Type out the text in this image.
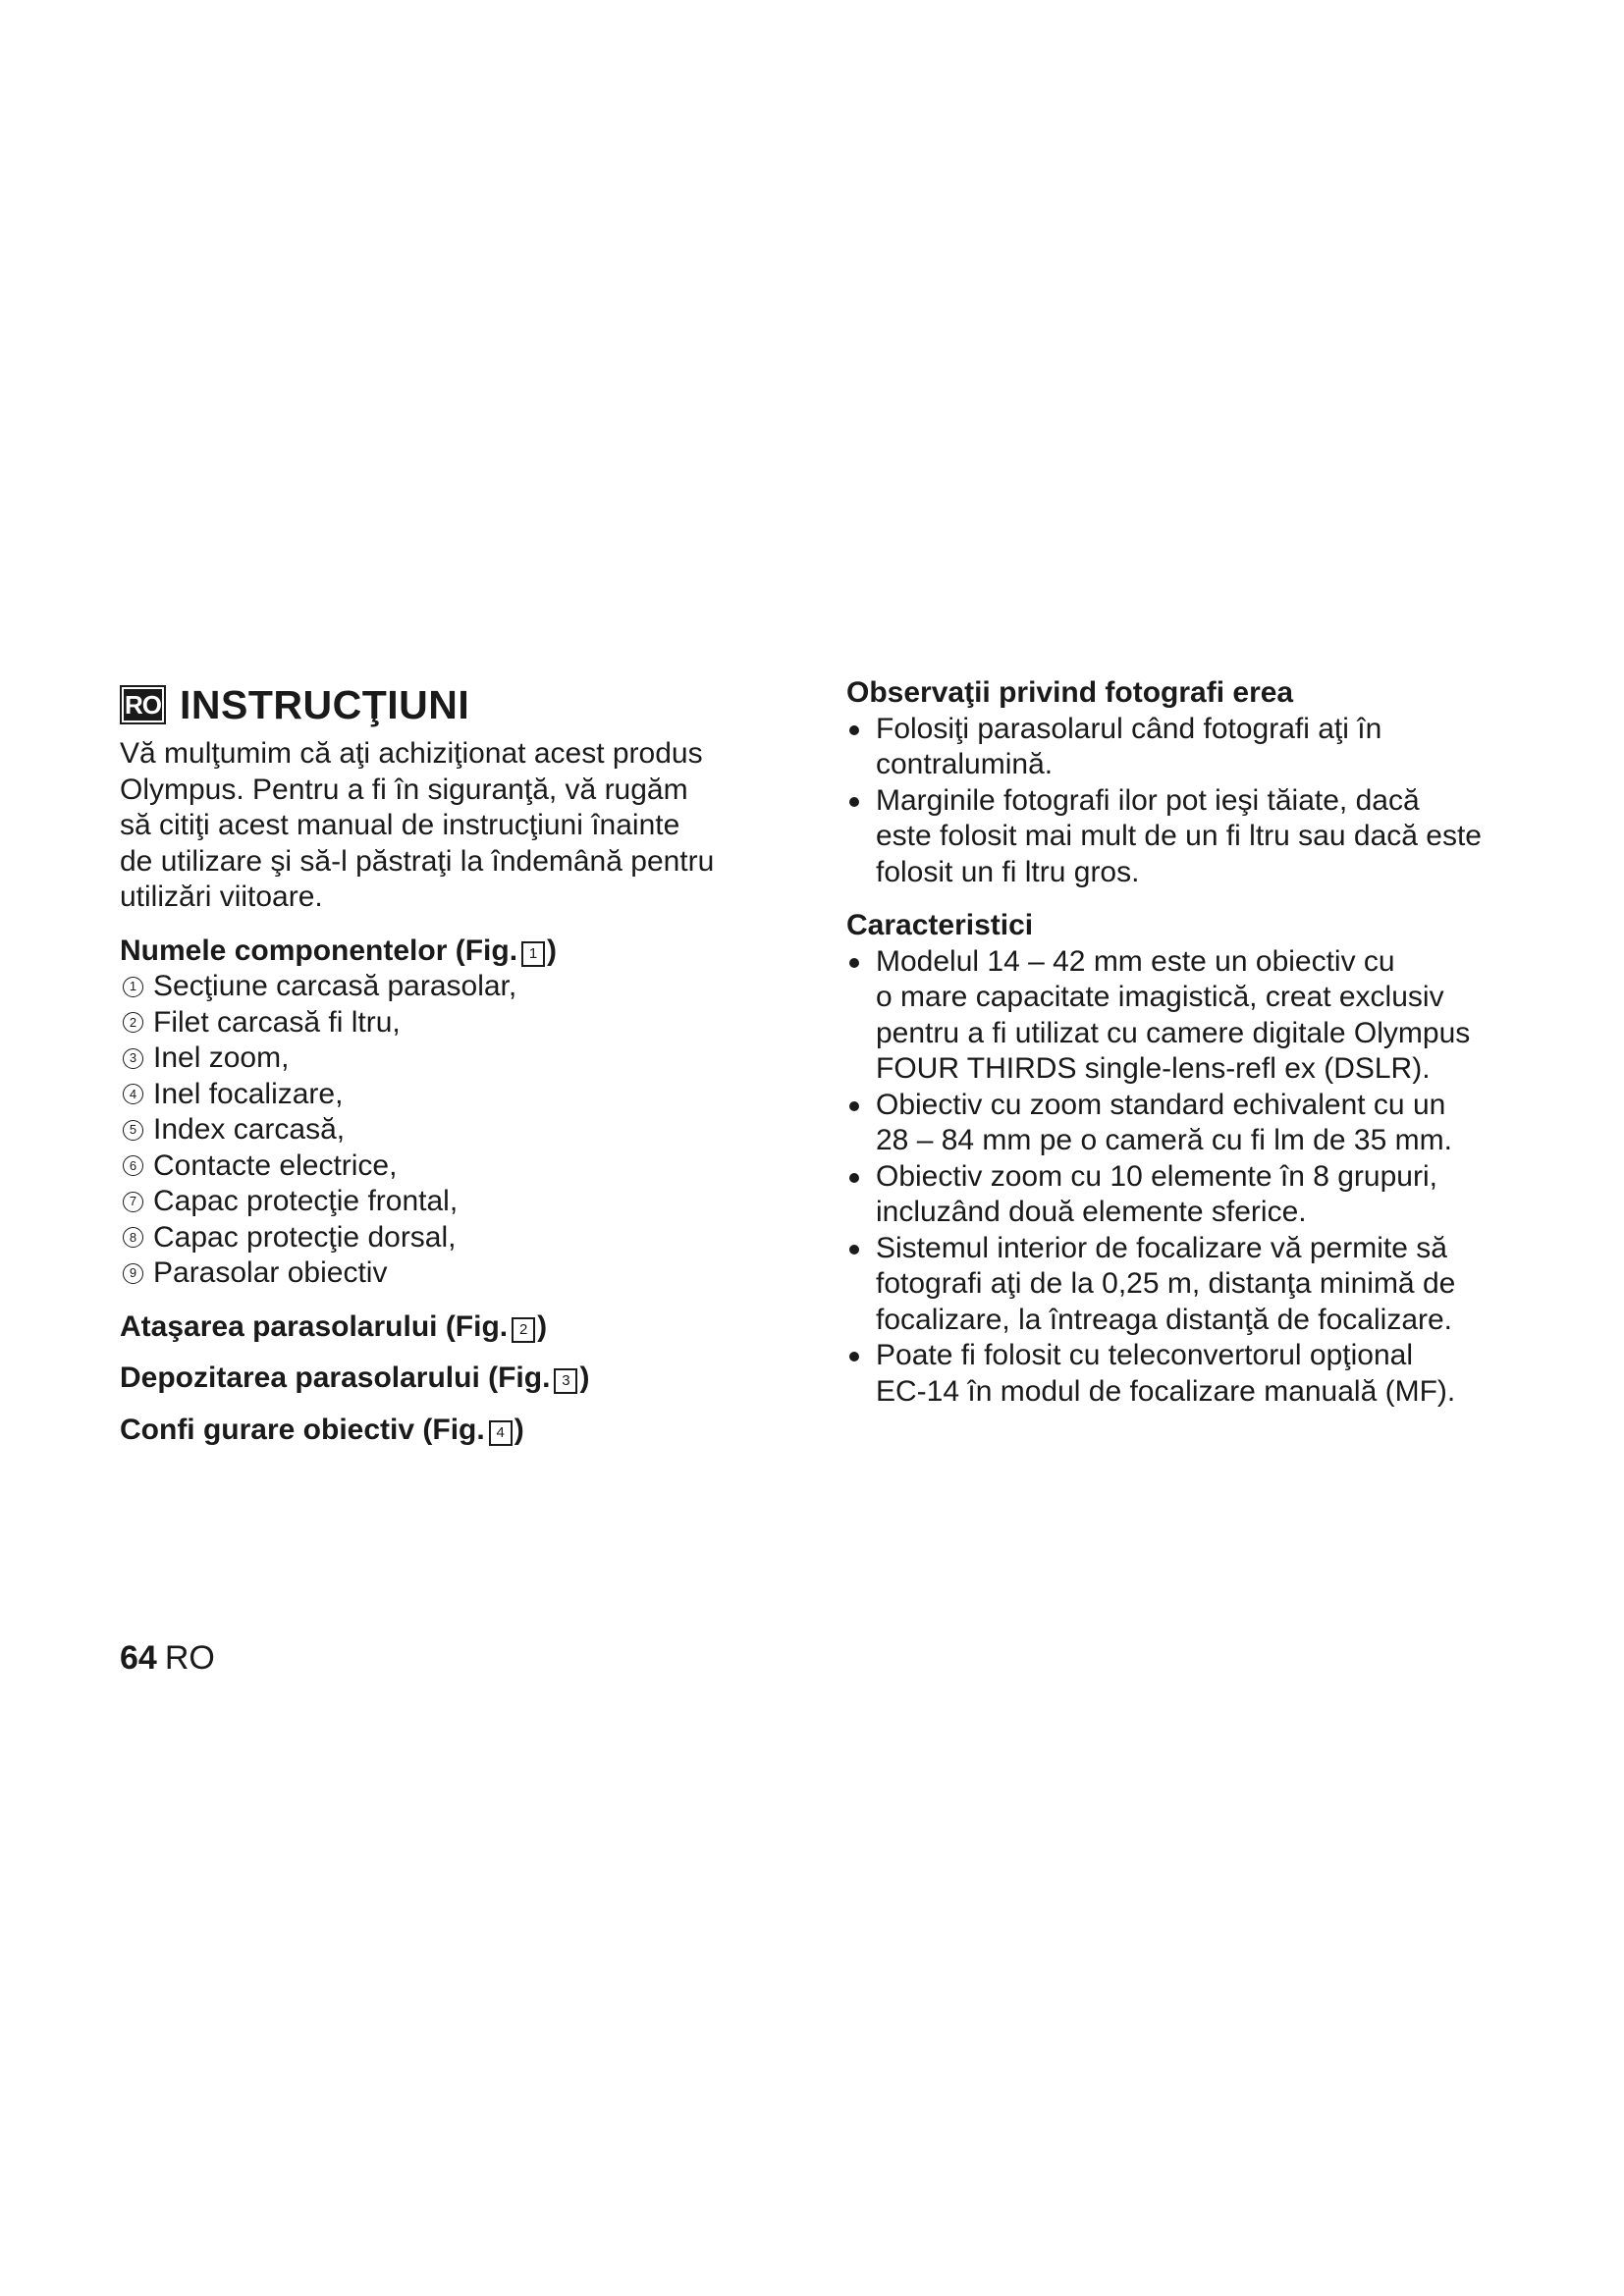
RO INSTRUCŢIUNI

Vă mulţumim că aţi achiziţionat acest produs
Olympus. Pentru a fi în siguranţă, vă rugăm
să citiţi acest manual de instrucţiuni înainte
de utilizare şi să-l păstraţi la îndemână pentru
utilizări viitoare.

Numele componentelor (Fig. 1 )
1 Secţiune carcasă parasolar,
2 Filet carcasă fi ltru,
3 Inel zoom,
4 Inel focalizare,
5 Index carcasă,
6 Contacte electrice,
7 Capac protecţie frontal,
8 Capac protecţie dorsal,
9 Parasolar obiectiv
Ataşarea parasolarului (Fig. 2 )
Depozitarea parasolarului (Fig. 3 )
Confi gurare obiectiv (Fig. 4 )
Observaţii privind fotografi erea
Folosiţi parasolarul când fotografi aţi în
contralumină.
Marginile fotografi ilor pot ieşi tăiate, dacă
este folosit mai mult de un fi ltru sau dacă este
folosit un fi ltru gros.
Caracteristici
Modelul 14 – 42 mm este un obiectiv cu
o mare capacitate imagistică, creat exclusiv
pentru a fi utilizat cu camere digitale Olympus
FOUR THIRDS single-lens-refl ex (DSLR).
Obiectiv cu zoom standard echivalent cu un
28 – 84 mm pe o cameră cu fi lm de 35 mm.
Obiectiv zoom cu 10 elemente în 8 grupuri,
incluzând două elemente sferice.
Sistemul interior de focalizare vă permite să
fotografi aţi de la 0,25 m, distanţa minimă de
focalizare, la întreaga distanţă de focalizare.
Poate fi folosit cu teleconvertorul opţional
EC-14 în modul de focalizare manuală (MF).
64 RO
